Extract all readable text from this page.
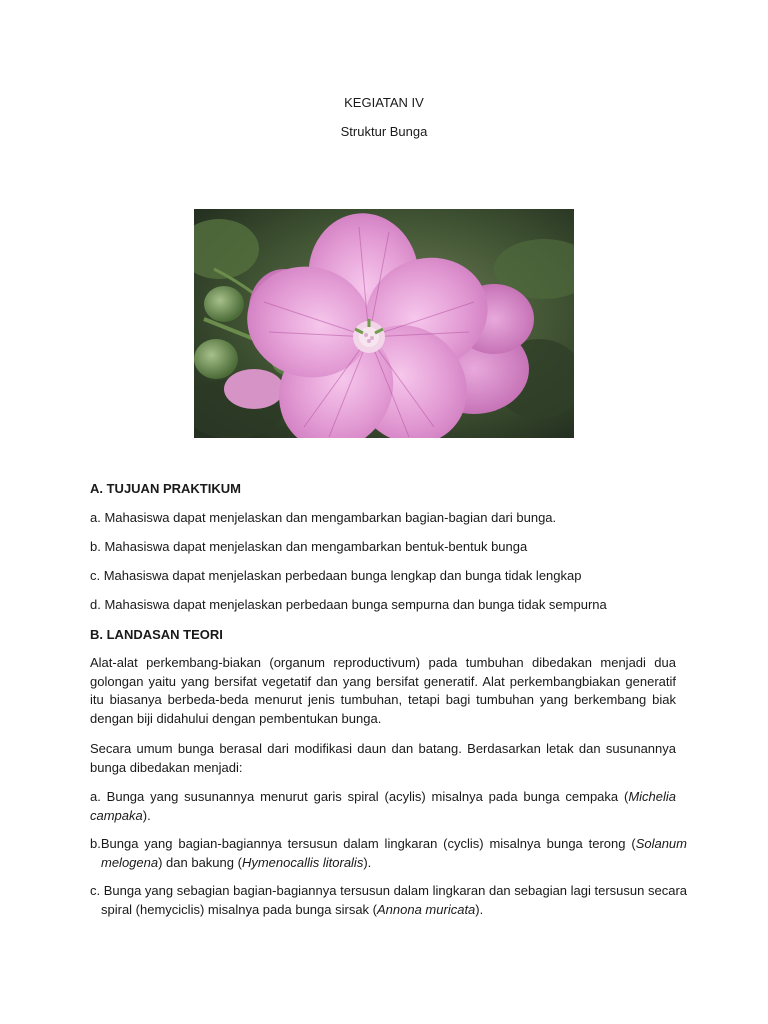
KEGIATAN IV
Struktur Bunga
A. TUJUAN PRAKTIKUM
a. Mahasiswa dapat menjelaskan dan mengambarkan bagian-bagian dari bunga.
b. Mahasiswa dapat menjelaskan dan mengambarkan bentuk-bentuk bunga
c. Mahasiswa dapat menjelaskan perbedaan bunga lengkap dan bunga tidak lengkap
d. Mahasiswa dapat menjelaskan perbedaan bunga sempurna dan bunga tidak sempurna
B. LANDASAN TEORI
Alat-alat perkembang-biakan (organum reproductivum) pada tumbuhan dibedakan menjadi dua golongan yaitu yang bersifat vegetatif dan yang bersifat generatif. Alat perkembangbiakan generatif itu biasanya berbeda-beda menurut jenis tumbuhan, tetapi bagi tumbuhan yang berkembang biak dengan biji didahului dengan pembentukan bunga.
Secara umum bunga berasal dari modifikasi daun dan batang. Berdasarkan letak dan susunannya bunga dibedakan menjadi:
a. Bunga yang susunannya menurut garis spiral (acylis) misalnya pada bunga cempaka (Michelia campaka).
b.Bunga yang bagian-bagiannya tersusun dalam lingkaran (cyclis) misalnya bunga terong (Solanum melogena) dan bakung (Hymenocallis litoralis).
c. Bunga yang sebagian bagian-bagiannya tersusun dalam lingkaran dan sebagian lagi tersusun secara spiral (hemyciclis) misalnya pada bunga sirsak (Annona muricata).
